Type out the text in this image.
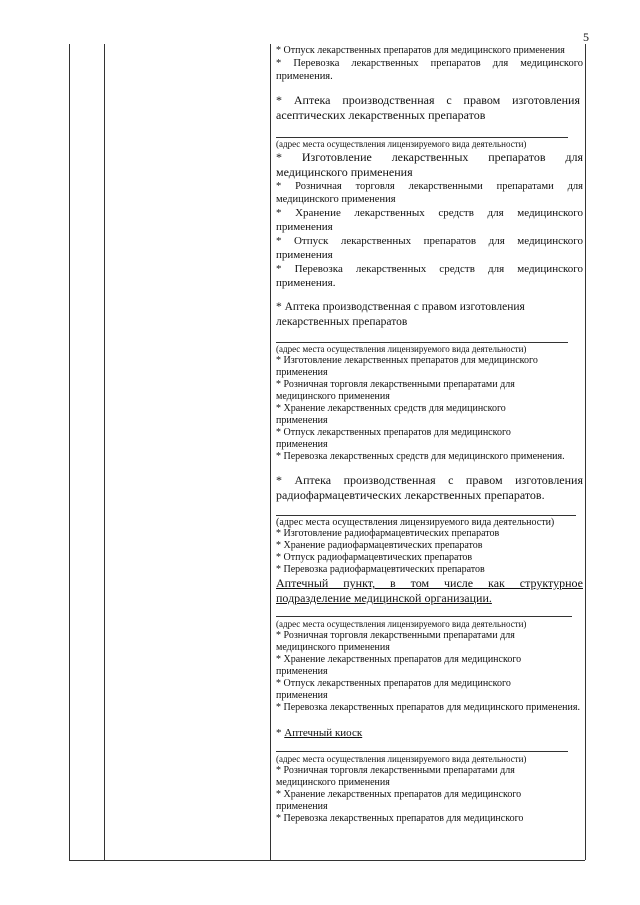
5

* Отпуск лекарственных препаратов для медицинского применения

* Перевозка лекарственных препаратов для медицинского применения.

* Аптека производственная с правом изготовления асептических лекарственных препаратов

(адрес места осуществления лицензируемого вида деятельности)

* Изготовление лекарственных препаратов для медицинского применения

* Розничная торговля лекарственными препаратами для медицинского применения

* Хранение лекарственных средств для медицинского применения

* Отпуск лекарственных препаратов для медицинского применения

* Перевозка лекарственных средств для медицинского применения.

* Аптека производственная с правом изготовления лекарственных препаратов

(адрес места осуществления лицензируемого вида деятельности)

* Изготовление лекарственных препаратов для медицинского применения

* Розничная торговля лекарственными препаратами для медицинского применения

* Хранение лекарственных средств для медицинского применения

* Отпуск лекарственных препаратов для медицинского применения

* Перевозка лекарственных средств для медицинского применения.

* Аптека производственная с правом изготовления радиофармацевтических лекарственных препаратов.

(адрес места осуществления лицензируемого вида деятельности)

* Изготовление радиофармацевтических препаратов

* Хранение радиофармацевтических препаратов

* Отпуск радиофармацевтических препаратов

* Перевозка радиофармацевтических препаратов

Аптечный пункт, в том числе как структурное подразделение медицинской организации.

(адрес места осуществления лицензируемого вида деятельности)

* Розничная торговля лекарственными препаратами для медицинского применения

* Хранение лекарственных препаратов для медицинского применения

* Отпуск лекарственных препаратов для медицинского применения

* Перевозка лекарственных препаратов для медицинского применения.

* Аптечный киоск

(адрес места осуществления лицензируемого вида деятельности)

* Розничная торговля лекарственными препаратами для медицинского применения

* Хранение лекарственных препаратов для медицинского применения

* Перевозка лекарственных препаратов для медицинского
